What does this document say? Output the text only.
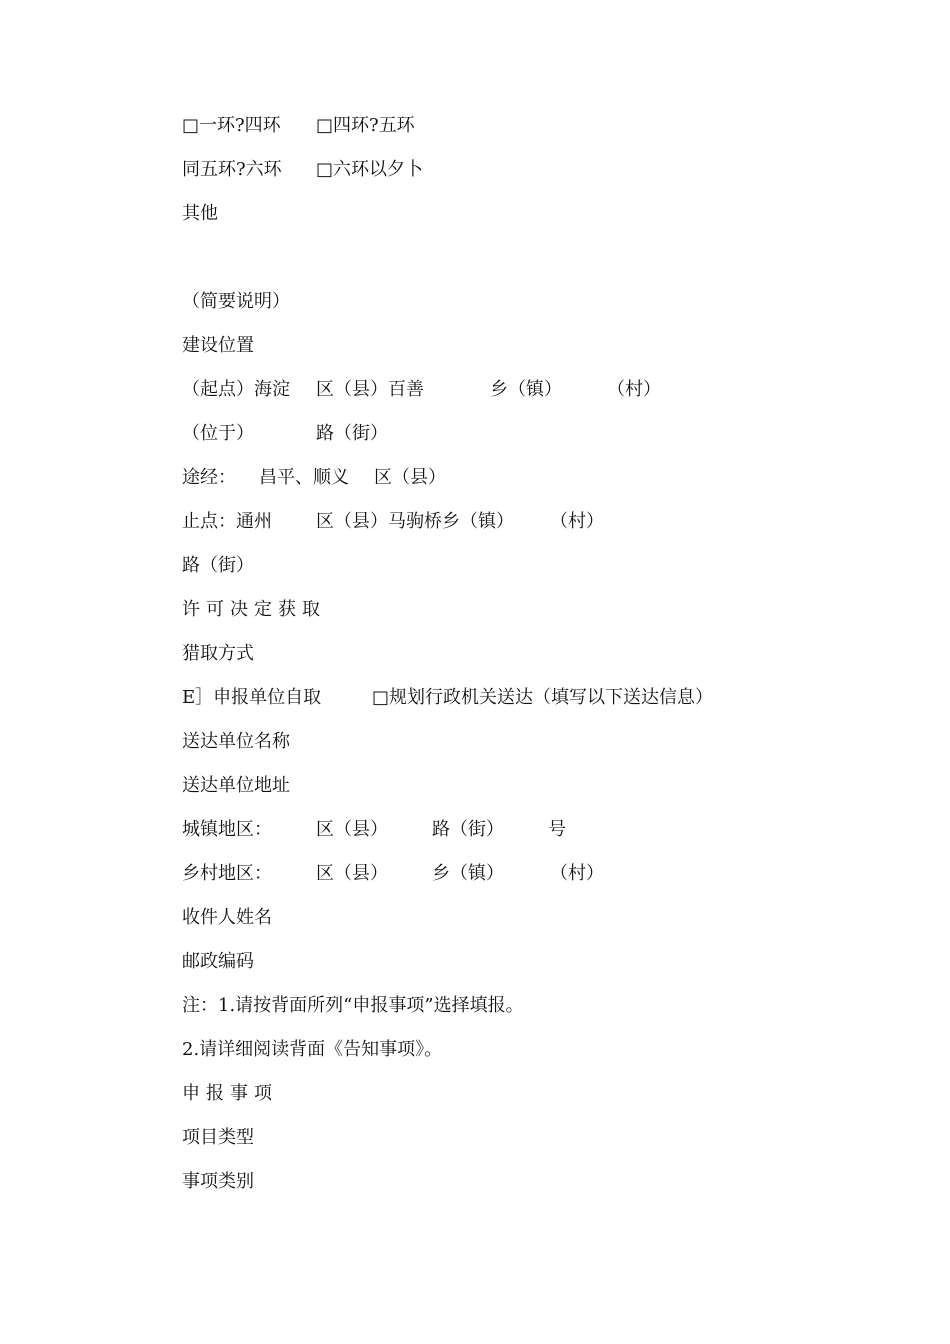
□一环?四环 □四环?五环
同五环?六环 □六环以夕卜
其他
（简要说明）
建设位置
（起点）海淀 区（县）百善	乡（镇）	（村）
（位于）	路（街）
途经： 昌平、顺义 区（县）
止点：通州 区（县）马驹桥乡（镇） （村）
路（街）
许可决定获取
猎取方式
E］申报单位自取	□规划行政机关送达（填写以下送达信息）
送达单位名称
送达单位地址
城镇地区： 区（县） 路（街） 号
乡村地区： 区（县） 乡（镇）	（村）
收件人姓名
邮政编码
注：1.请按背面所列“申报事项”选择填报。
2.请详细阅读背面《告知事项》。
申报事项
项目类型
事项类别
